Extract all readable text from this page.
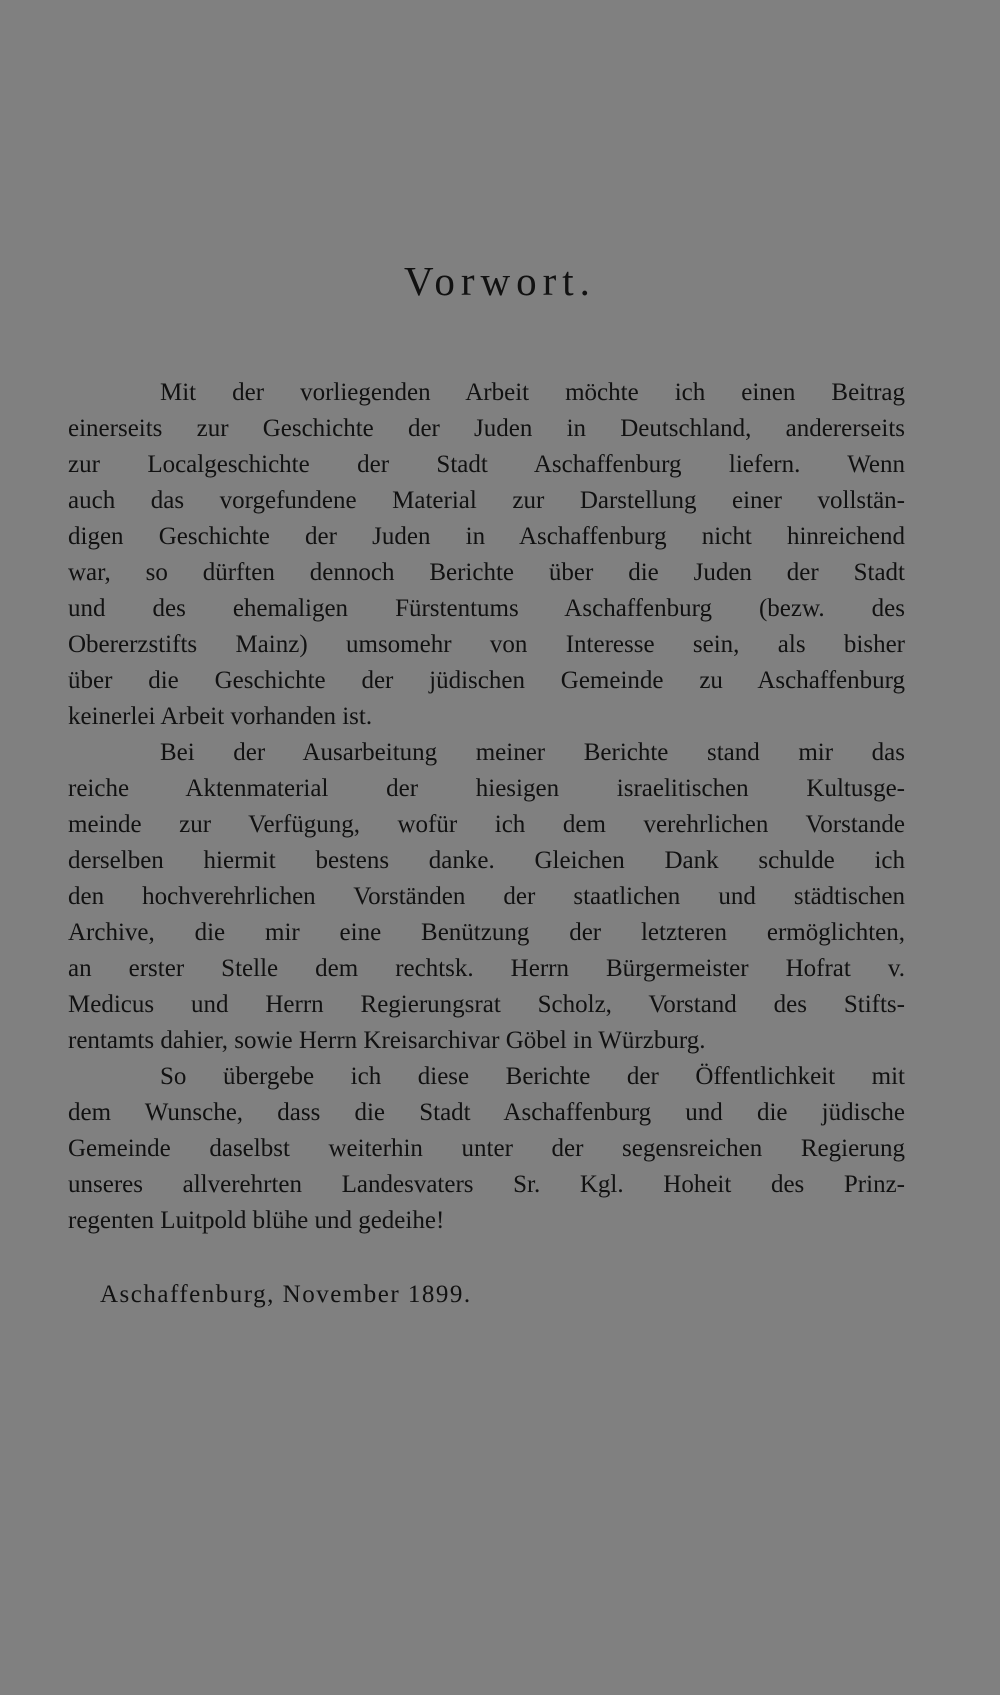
Vorwort.
Mit der vorliegenden Arbeit möchte ich einen Beitrag
einerseits zur Geschichte der Juden in Deutschland, andererseits
zur Localgeschichte der Stadt Aschaffenburg liefern. Wenn
auch das vorgefundene Material zur Darstellung einer vollstän-
digen Geschichte der Juden in Aschaffenburg nicht hinreichend
war, so dürften dennoch Berichte über die Juden der Stadt
und des ehemaligen Fürstentums Aschaffenburg (bezw. des
Obererzstifts Mainz) umsomehr von Interesse sein, als bisher
über die Geschichte der jüdischen Gemeinde zu Aschaffenburg
keinerlei Arbeit vorhanden ist.
Bei der Ausarbeitung meiner Berichte stand mir das
reiche Aktenmaterial der hiesigen israelitischen Kultusge-
meinde zur Verfügung, wofür ich dem verehrlichen Vorstande
derselben hiermit bestens danke. Gleichen Dank schulde ich
den hochverehrlichen Vorständen der staatlichen und städtischen
Archive, die mir eine Benützung der letzteren ermöglichten,
an erster Stelle dem rechtsk. Herrn Bürgermeister Hofrat v.
Medicus und Herrn Regierungsrat Scholz, Vorstand des Stifts-
rentamts dahier, sowie Herrn Kreisarchivar Göbel in Würzburg.
So übergebe ich diese Berichte der Öffentlichkeit mit
dem Wunsche, dass die Stadt Aschaffenburg und die jüdische
Gemeinde daselbst weiterhin unter der segensreichen Regierung
unseres allverehrten Landesvaters Sr. Kgl. Hoheit des Prinz-
regenten Luitpold blühe und gedeihe!
Aschaffenburg, November 1899.
